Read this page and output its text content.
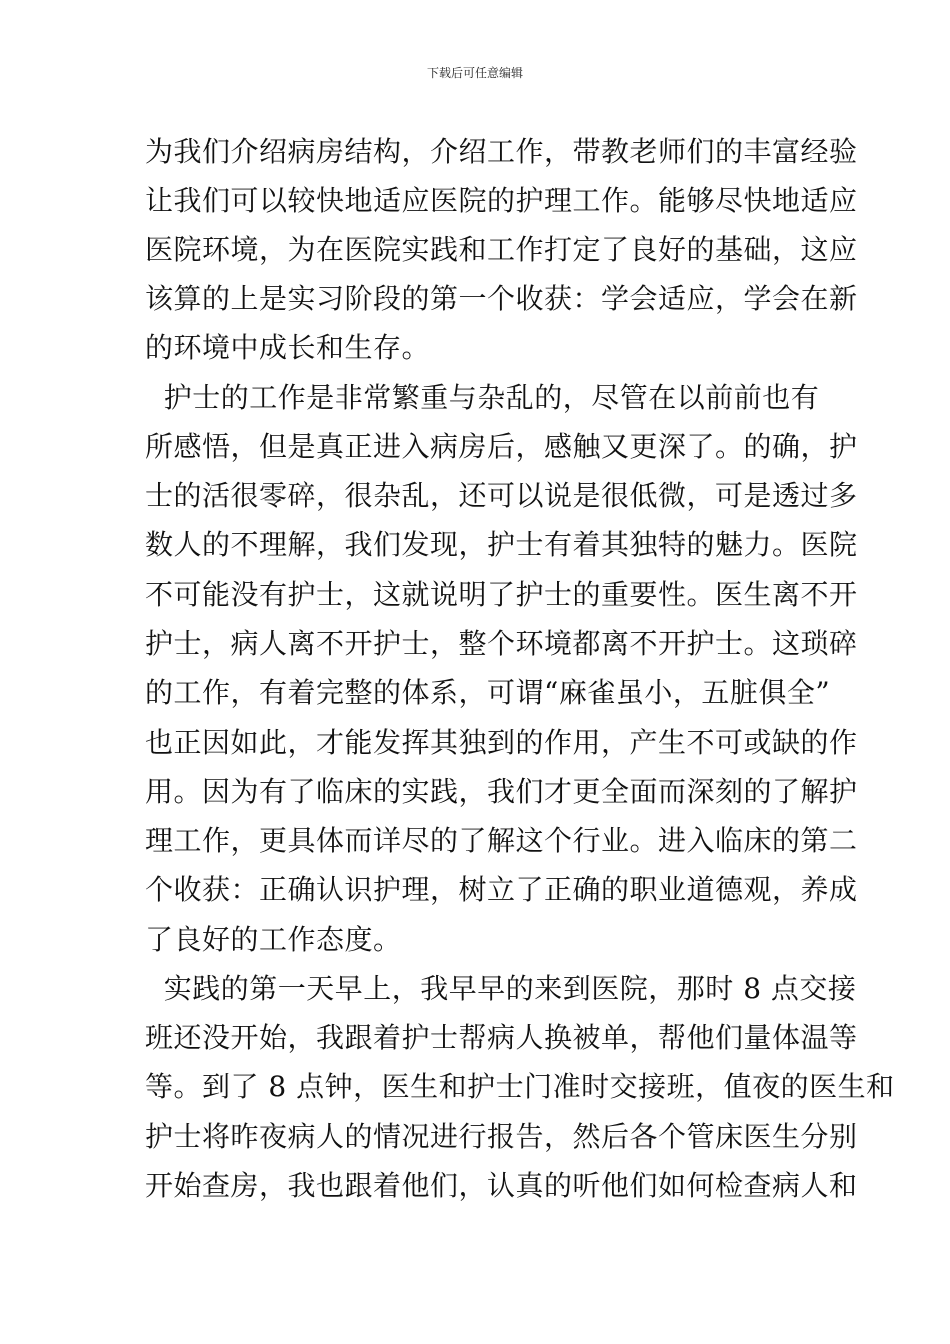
下载后可任意编辑
为我们介绍病房结构，介绍工作，带教老师们的丰富经验
让我们可以较快地适应医院的护理工作。能够尽快地适应
医院环境，为在医院实践和工作打定了良好的基础，这应
该算的上是实习阶段的第一个收获：学会适应，学会在新
的环境中成长和生存。
护士的工作是非常繁重与杂乱的，尽管在以前前也有
所感悟，但是真正进入病房后，感触又更深了。的确，护
士的活很零碎，很杂乱，还可以说是很低微，可是透过多
数人的不理解，我们发现，护士有着其独特的魅力。医院
不可能没有护士，这就说明了护士的重要性。医生离不开
护士，病人离不开护士，整个环境都离不开护士。这琐碎
的工作，有着完整的体系，可谓“麻雀虽小，五脏俱全”
也正因如此，才能发挥其独到的作用，产生不可或缺的作
用。因为有了临床的实践，我们才更全面而深刻的了解护
理工作，更具体而详尽的了解这个行业。进入临床的第二
个收获：正确认识护理，树立了正确的职业道德观，养成
了良好的工作态度。
实践的第一天早上，我早早的来到医院，那时 8 点交接
班还没开始，我跟着护士帮病人换被单，帮他们量体温等
等。到了 8 点钟，医生和护士门准时交接班，值夜的医生和
护士将昨夜病人的情况进行报告，然后各个管床医生分别
开始查房，我也跟着他们，认真的听他们如何检查病人和
